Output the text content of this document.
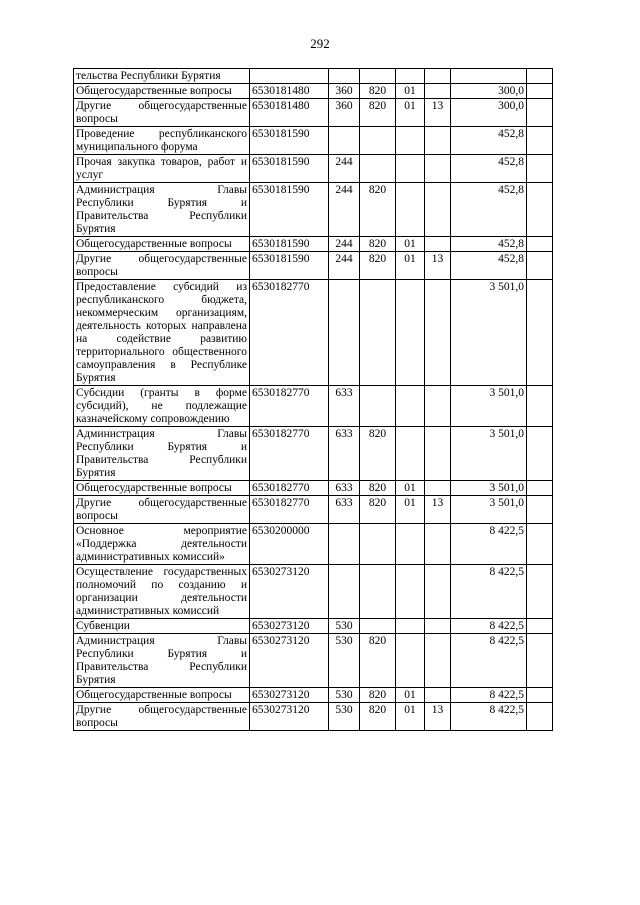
292
тельства Республики Бурятия							
Общегосударственные вопросы	6530181480	360	820	01		300,0	
Другие общегосударственные вопросы	6530181480	360	820	01	13	300,0	
Проведение республиканского муниципального форума	6530181590					452,8	
Прочая закупка товаров, работ и услуг	6530181590	244				452,8	
Администрация Главы Республики Бурятия и Правительства Республики Бурятия	6530181590	244	820			452,8	
Общегосударственные вопросы	6530181590	244	820	01		452,8	
Другие общегосударственные вопросы	6530181590	244	820	01	13	452,8	
Предоставление субсидий из республиканского бюджета, некоммерческим организациям, деятельность которых направлена на содействие развитию территориального общественного самоуправления в Республике Бурятия	6530182770					3 501,0	
Субсидии (гранты в форме субсидий), не подлежащие казначейскому сопровождению	6530182770	633				3 501,0	
Администрация Главы Республики Бурятия и Правительства Республики Бурятия	6530182770	633	820			3 501,0	
Общегосударственные вопросы	6530182770	633	820	01		3 501,0	
Другие общегосударственные вопросы	6530182770	633	820	01	13	3 501,0	
Основное мероприятие «Поддержка деятельности административных комиссий»	6530200000					8 422,5	
Осуществление государственных полномочий по созданию и организации деятельности административных комиссий	6530273120					8 422,5	
Субвенции	6530273120	530				8 422,5	
Администрация Главы Республики Бурятия и Правительства Республики Бурятия	6530273120	530	820			8 422,5	
Общегосударственные вопросы	6530273120	530	820	01		8 422,5	
Другие общегосударственные вопросы	6530273120	530	820	01	13	8 422,5	
